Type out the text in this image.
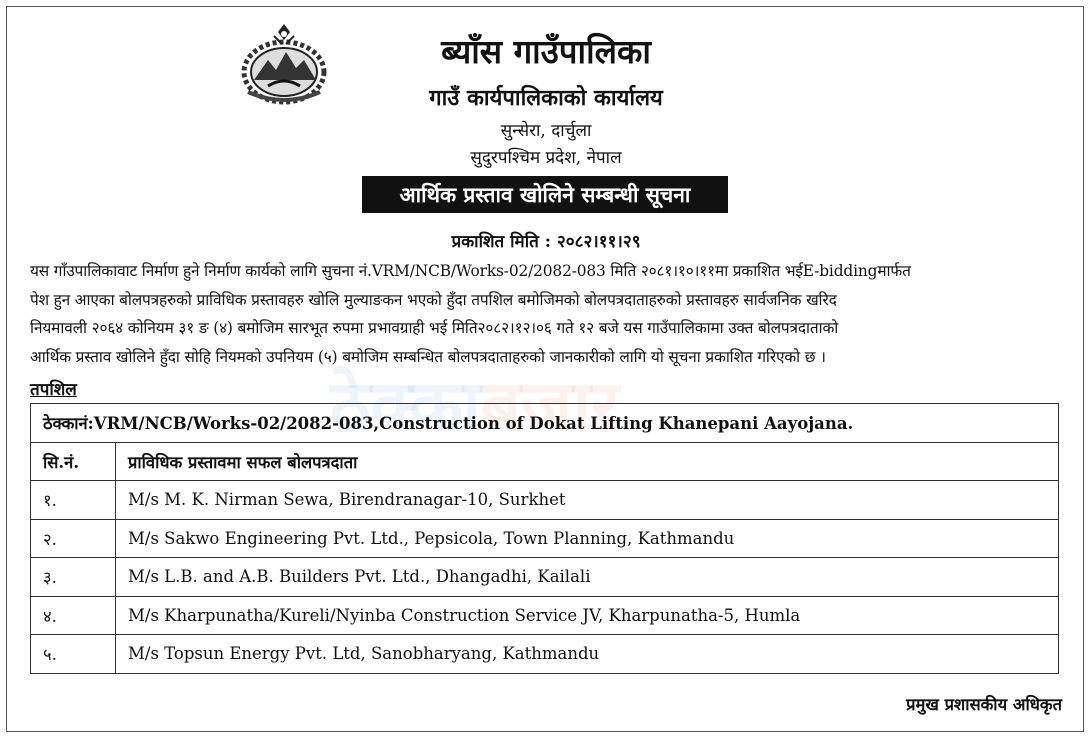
ठेक्काबजार
ब्याँस गाउँपालिका
गाउँ कार्यपालिकाको कार्यालय
सुन्सेरा, दार्चुला
सुदुरपश्चिम प्रदेश, नेपाल
आर्थिक प्रस्ताव खोलिने सम्बन्धी सूचना
प्रकाशित मिति : २०८२।११।२९
यस गाँउपालिकावाट निर्माण हुने निर्माण कार्यको लागि सुचना नं.VRM/NCB/Works-02/2082-083 मिति २०८१।१०।११मा प्रकाशित भईE-biddingमार्फत
पेश हुन आएका बोलपत्रहरुको प्राविधिक प्रस्तावहरु खोलि मुल्याङकन भएको हुँदा तपशिल बमोजिमको बोलपत्रदाताहरुको प्रस्तावहरु सार्वजनिक खरिद
नियमावली २०६४ कोनियम ३१ ङ (४) बमोजिम सारभूत रुपमा प्रभावग्राही भई मिति२०८२।१२।०६ गते १२ बजे यस गाउँपालिकामा उक्त बोलपत्रदाताको
आर्थिक प्रस्ताव खोलिने हुँदा सोहि नियमको उपनियम (५) बमोजिम सम्बन्धित बोलपत्रदाताहरुको जानकारीको लागि यो सूचना प्रकाशित गरिएको छ ।
तपशिल
ठेक्कानं:VRM/NCB/Works-02/2082-083,Construction of Dokat Lifting Khanepani Aayojana.	
सि.नं.	प्राविधिक प्रस्तावमा सफल बोलपत्रदाता
१.	M/s M. K. Nirman Sewa, Birendranagar-10, Surkhet
२.	M/s Sakwo Engineering Pvt. Ltd., Pepsicola, Town Planning, Kathmandu
३.	M/s L.B. and A.B. Builders Pvt. Ltd., Dhangadhi, Kailali
४.	M/s Kharpunatha/Kureli/Nyinba Construction Service JV, Kharpunatha-5, Humla
५.	M/s Topsun Energy Pvt. Ltd, Sanobharyang, Kathmandu
प्रमुख प्रशासकीय अधिकृत
